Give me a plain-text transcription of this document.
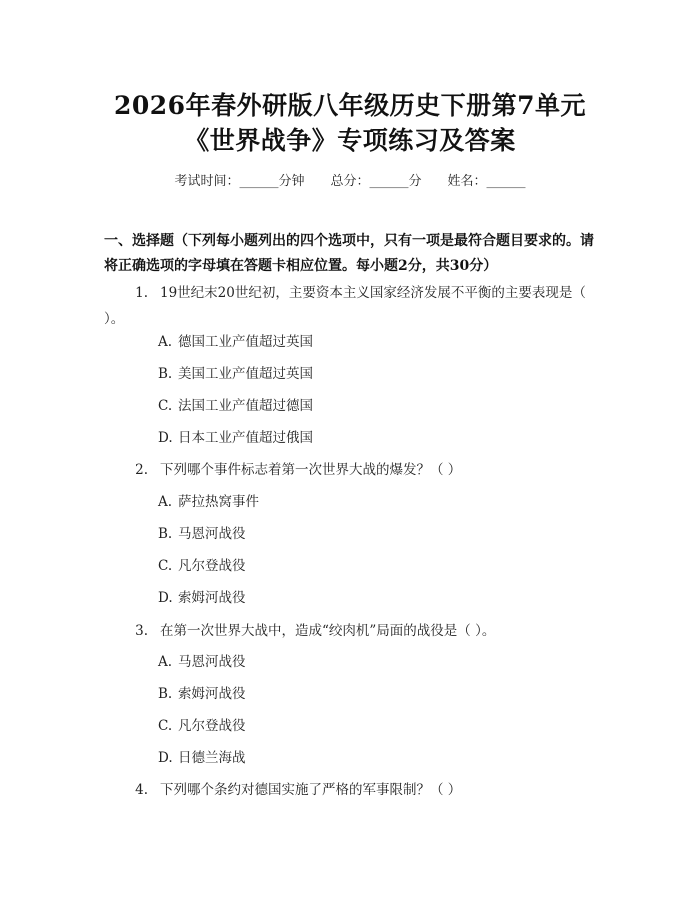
2026年春外研版八年级历史下册第7单元
《世界战争》专项练习及答案
考试时间：______分钟 总分：______分 姓名：______
一、选择题（下列每小题列出的四个选项中，只有一项是最符合题目要求的。请将正确选项的字母填在答题卡相应位置。每小题2分，共30分）
1. 19世纪末20世纪初，主要资本主义国家经济发展不平衡的主要表现是（ ）。
A. 德国工业产值超过英国
B. 美国工业产值超过英国
C. 法国工业产值超过德国
D. 日本工业产值超过俄国
2. 下列哪个事件标志着第一次世界大战的爆发？（ ）
A. 萨拉热窝事件
B. 马恩河战役
C. 凡尔登战役
D. 索姆河战役
3. 在第一次世界大战中，造成“绞肉机”局面的战役是（ ）。
A. 马恩河战役
B. 索姆河战役
C. 凡尔登战役
D. 日德兰海战
4. 下列哪个条约对德国实施了严格的军事限制？（ ）
